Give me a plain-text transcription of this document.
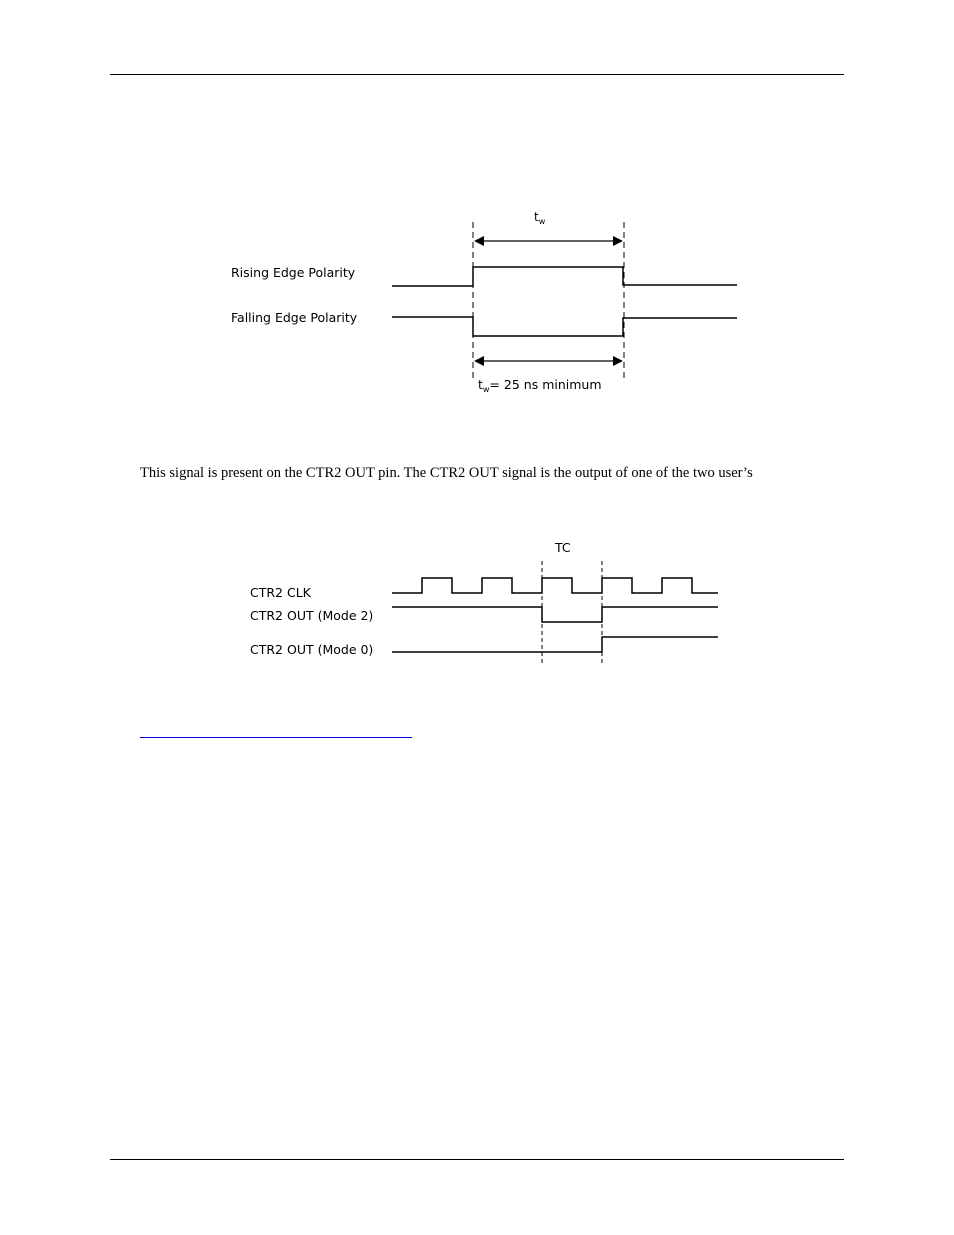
$t_w$
Rising Edge Polarity
Falling Edge Polarity
$t_w= 25$ ns minimum

This signal is present on the CTR2 OUT pin. The CTR2 OUT signal is the output of one of the two user’s

TC
CTR2 CLK
CTR2 OUT (Mode 2)
CTR2 OUT (Mode 0)
